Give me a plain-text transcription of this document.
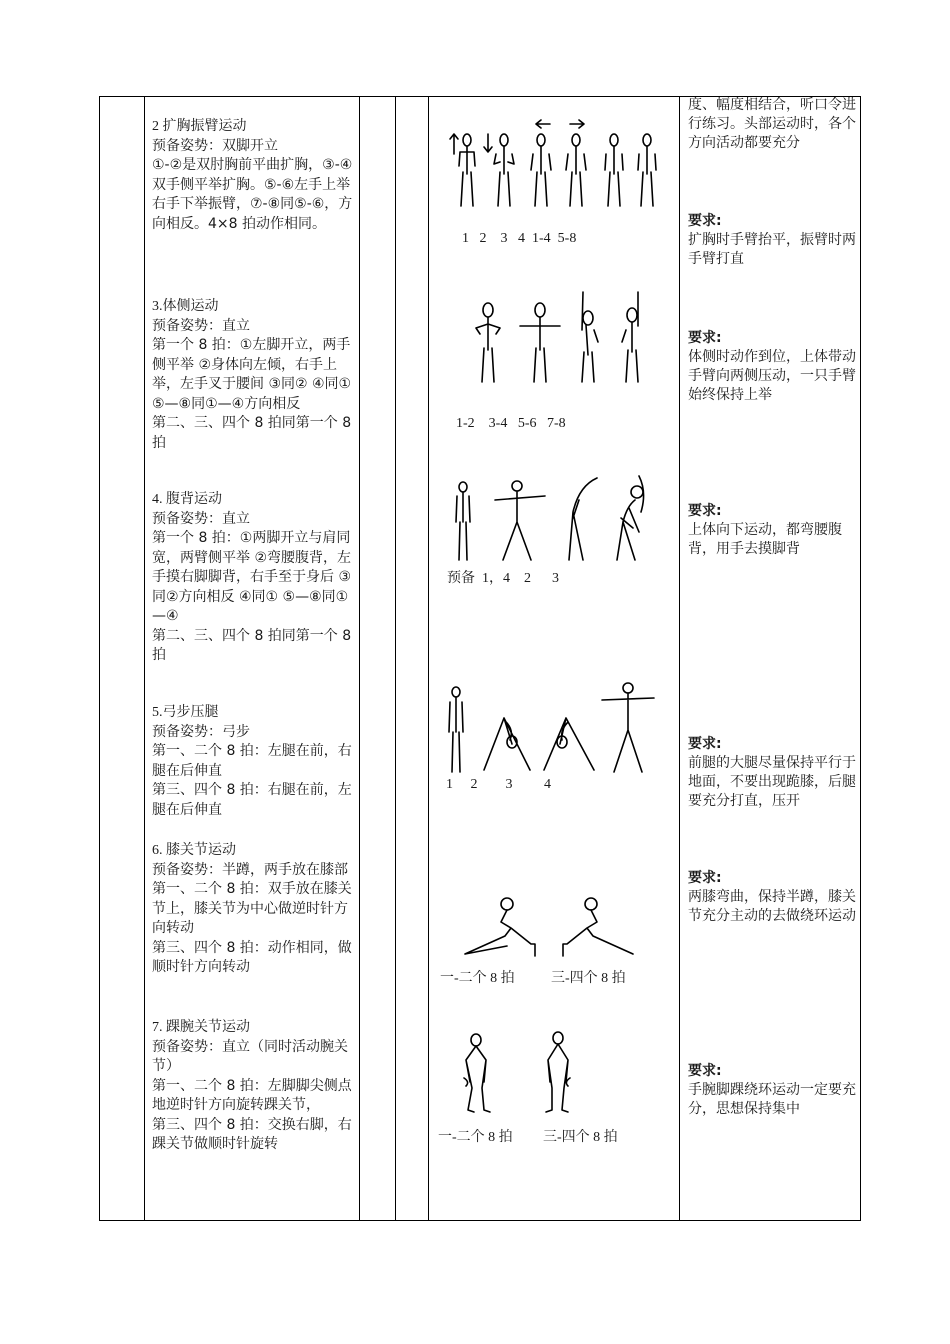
2 扩胸振臂运动

预备姿势：双脚开立

①-②是双肘胸前平曲扩胸，③-④双手侧平举扩胸。⑤-⑥左手上举右手下举振臂，⑦-⑧同⑤-⑥，方向相反。4×8 拍动作相同。

3.体侧运动

预备姿势：直立

第一个 8 拍：①左脚开立，两手侧平举 ②身体向左倾，右手上举，左手叉于腰间 ③同② ④同① ⑤—⑧同①—④方向相反

第二、三、四个 8 拍同第一个 8 拍

4. 腹背运动

预备姿势：直立

第一个 8 拍：①两脚开立与肩同宽，两臂侧平举 ②弯腰腹背，左手摸右脚脚背，右手至于身后 ③同②方向相反 ④同① ⑤—⑧同①—④

第二、三、四个 8 拍同第一个 8 拍

5.弓步压腿

预备姿势：弓步

第一、二个 8 拍：左腿在前，右腿在后伸直

第三、四个 8 拍：右腿在前，左腿在后伸直

6. 膝关节运动

预备姿势：半蹲，两手放在膝部

第一、二个 8 拍：双手放在膝关节上，膝关节为中心做逆时针方向转动

第三、四个 8 拍：动作相同，做顺时针方向转动

7. 踝腕关节运动

预备姿势：直立（同时活动腕关节）

第一、二个 8 拍：左脚脚尖侧点地逆时针方向旋转踝关节，

第三、四个 8 拍：交换右脚，右踝关节做顺时针旋转

1   2    3   4  1-4  5-8
1-2    3-4   5-6   7-8
预备  1，4    2      3
1     2        3         4
一-二个 8 拍	三-四个 8 拍
一-二个 8 拍 三-四个 8 拍

度、幅度相结合，听口令进行练习。头部运动时，各个方向活动都要充分

要求:

扩胸时手臂抬平，振臂时两手臂打直

要求:

体侧时动作到位，上体带动手臂向两侧压动，一只手臂始终保持上举

要求:

上体向下运动，都弯腰腹背，用手去摸脚背

要求:

前腿的大腿尽量保持平行于地面，不要出现跪膝，后腿要充分打直，压开

要求:

两膝弯曲，保持半蹲，膝关节充分主动的去做绕环运动

要求:

手腕脚踝绕环运动一定要充分，思想保持集中
